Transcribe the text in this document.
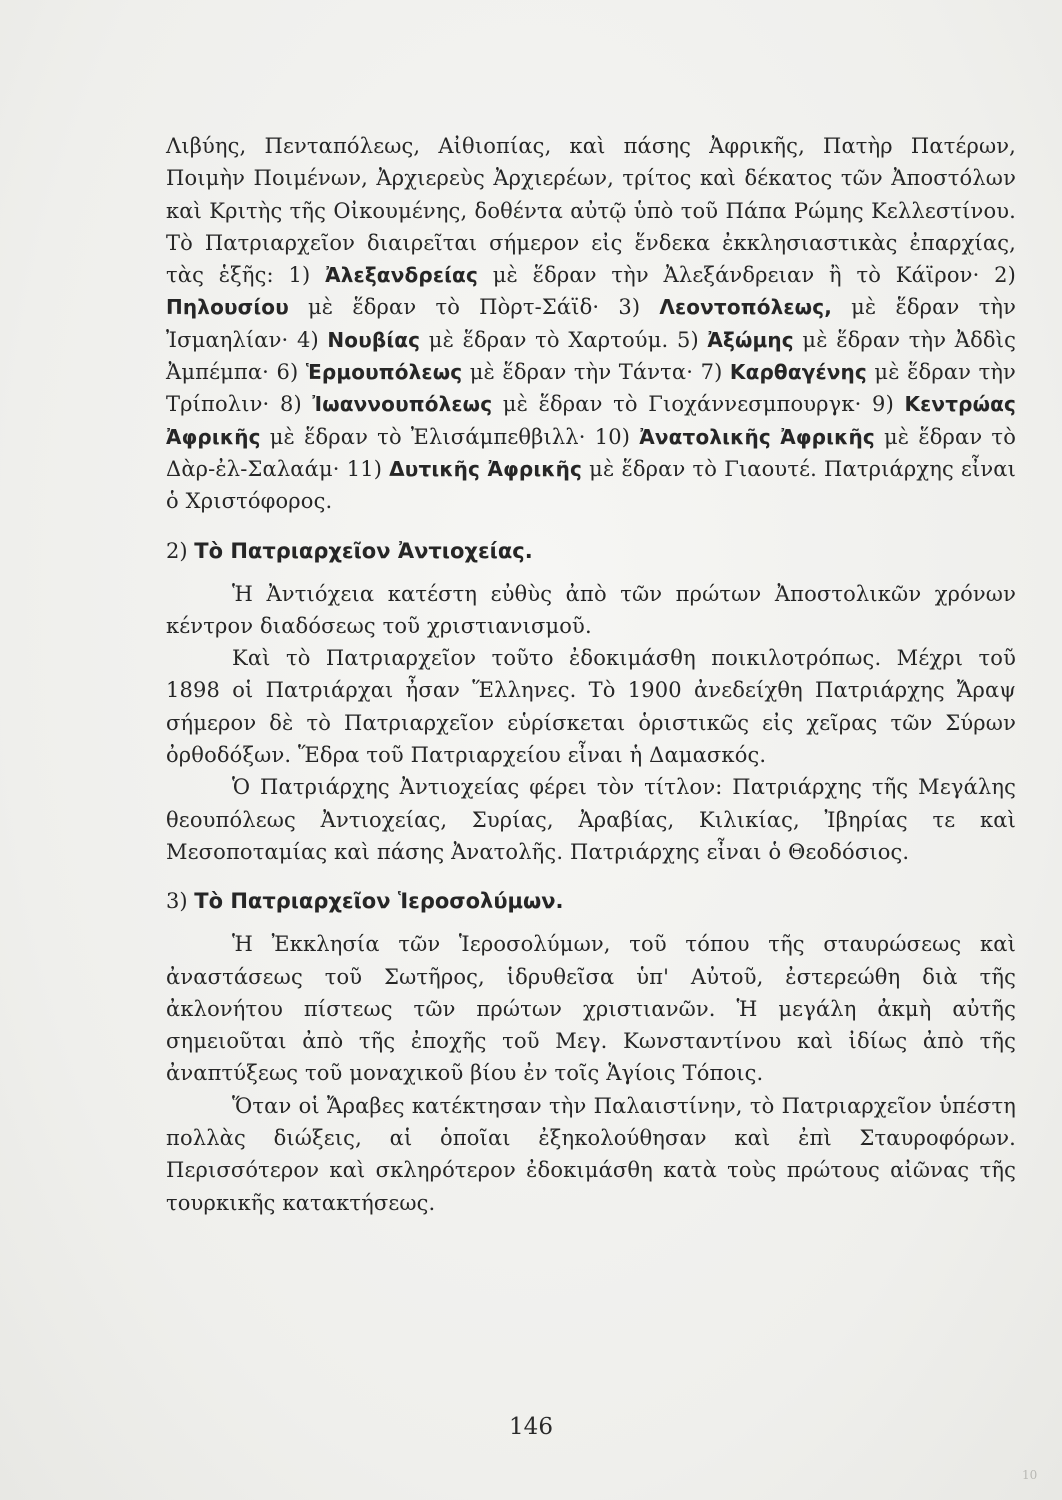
Λιβύης, Πενταπόλεως, Αἰθιοπίας, καὶ πάσης Ἀφρικῆς, Πατὴρ Πατέρων, Ποιμὴν Ποιμένων, Ἀρχιερεὺς Ἀρχιερέων, τρίτος καὶ δέκατος τῶν Ἀποστόλων καὶ Κριτὴς τῆς Οἰκουμένης, δοθέντα αὐτῷ ὑπὸ τοῦ Πάπα Ρώμης Κελλεστίνου. Τὸ Πατριαρχεῖον διαιρεῖται σήμερον εἰς ἕνδεκα ἐκκλησιαστικὰς ἐπαρχίας, τὰς ἑξῆς: 1) Ἀλεξανδρείας μὲ ἕδραν τὴν Ἀλεξάνδρειαν ἢ τὸ Κάϊρον· 2) Πηλουσίου μὲ ἕδραν τὸ Πὸρτ-Σάϊδ· 3) Λεοντοπόλεως, μὲ ἕδραν τὴν Ἰσμαηλίαν· 4) Νουβίας μὲ ἕδραν τὸ Χαρτούμ. 5) Ἀξώμης μὲ ἕδραν τὴν Ἀδδὶς Ἀμπέμπα· 6) Ἑρμουπόλεως μὲ ἕδραν τὴν Τάντα· 7) Καρθαγένης μὲ ἕδραν τὴν Τρίπολιν· 8) Ἰωαννουπόλεως μὲ ἕδραν τὸ Γιοχάννεσμπουργκ· 9) Κεντρώας Ἀφρικῆς μὲ ἕδραν τὸ Ἐλισάμπεθβιλλ· 10) Ἀνατολικῆς Ἀφρικῆς μὲ ἕδραν τὸ Δὰρ-ἐλ-Σαλαάμ· 11) Δυτικῆς Ἀφρικῆς μὲ ἕδραν τὸ Γιαουτέ. Πατριάρχης εἶναι ὁ Χριστόφορος.

2) Τὸ Πατριαρχεῖον Ἀντιοχείας.

Ἡ Ἀντιόχεια κατέστη εὐθὺς ἀπὸ τῶν πρώτων Ἀποστολικῶν χρόνων κέντρον διαδόσεως τοῦ χριστιανισμοῦ.

Καὶ τὸ Πατριαρχεῖον τοῦτο ἐδοκιμάσθη ποικιλοτρόπως. Μέχρι τοῦ 1898 οἱ Πατριάρχαι ἦσαν Ἕλληνες. Τὸ 1900 ἀνεδείχθη Πατριάρχης Ἄραψ σήμερον δὲ τὸ Πατριαρχεῖον εὑρίσκεται ὁριστικῶς εἰς χεῖρας τῶν Σύρων ὀρθοδόξων. Ἕδρα τοῦ Πατριαρχείου εἶναι ἡ Δαμασκός.

Ὁ Πατριάρχης Ἀντιοχείας φέρει τὸν τίτλον: Πατριάρχης τῆς Μεγάλης θεουπόλεως Ἀντιοχείας, Συρίας, Ἀραβίας, Κιλικίας, Ἰβηρίας τε καὶ Μεσοποταμίας καὶ πάσης Ἀνατολῆς. Πατριάρχης εἶναι ὁ Θεοδόσιος.

3) Τὸ Πατριαρχεῖον Ἱεροσολύμων.

Ἡ Ἐκκλησία τῶν Ἱεροσολύμων, τοῦ τόπου τῆς σταυρώσεως καὶ ἀναστάσεως τοῦ Σωτῆρος, ἱδρυθεῖσα ὑπ' Αὐτοῦ, ἐστερεώθη διὰ τῆς ἀκλονήτου πίστεως τῶν πρώτων χριστιανῶν. Ἡ μεγάλη ἀκμὴ αὐτῆς σημειοῦται ἀπὸ τῆς ἐποχῆς τοῦ Μεγ. Κωνσταντίνου καὶ ἰδίως ἀπὸ τῆς ἀναπτύξεως τοῦ μοναχικοῦ βίου ἐν τοῖς Ἁγίοις Τόποις.

Ὅταν οἱ Ἄραβες κατέκτησαν τὴν Παλαιστίνην, τὸ Πατριαρχεῖον ὑπέστη πολλὰς διώξεις, αἱ ὁποῖαι ἐξηκολούθησαν καὶ ἐπὶ Σταυροφόρων. Περισσότερον καὶ σκληρότερον ἐδοκιμάσθη κατὰ τοὺς πρώτους αἰῶνας τῆς τουρκικῆς κατακτήσεως.

146
10
